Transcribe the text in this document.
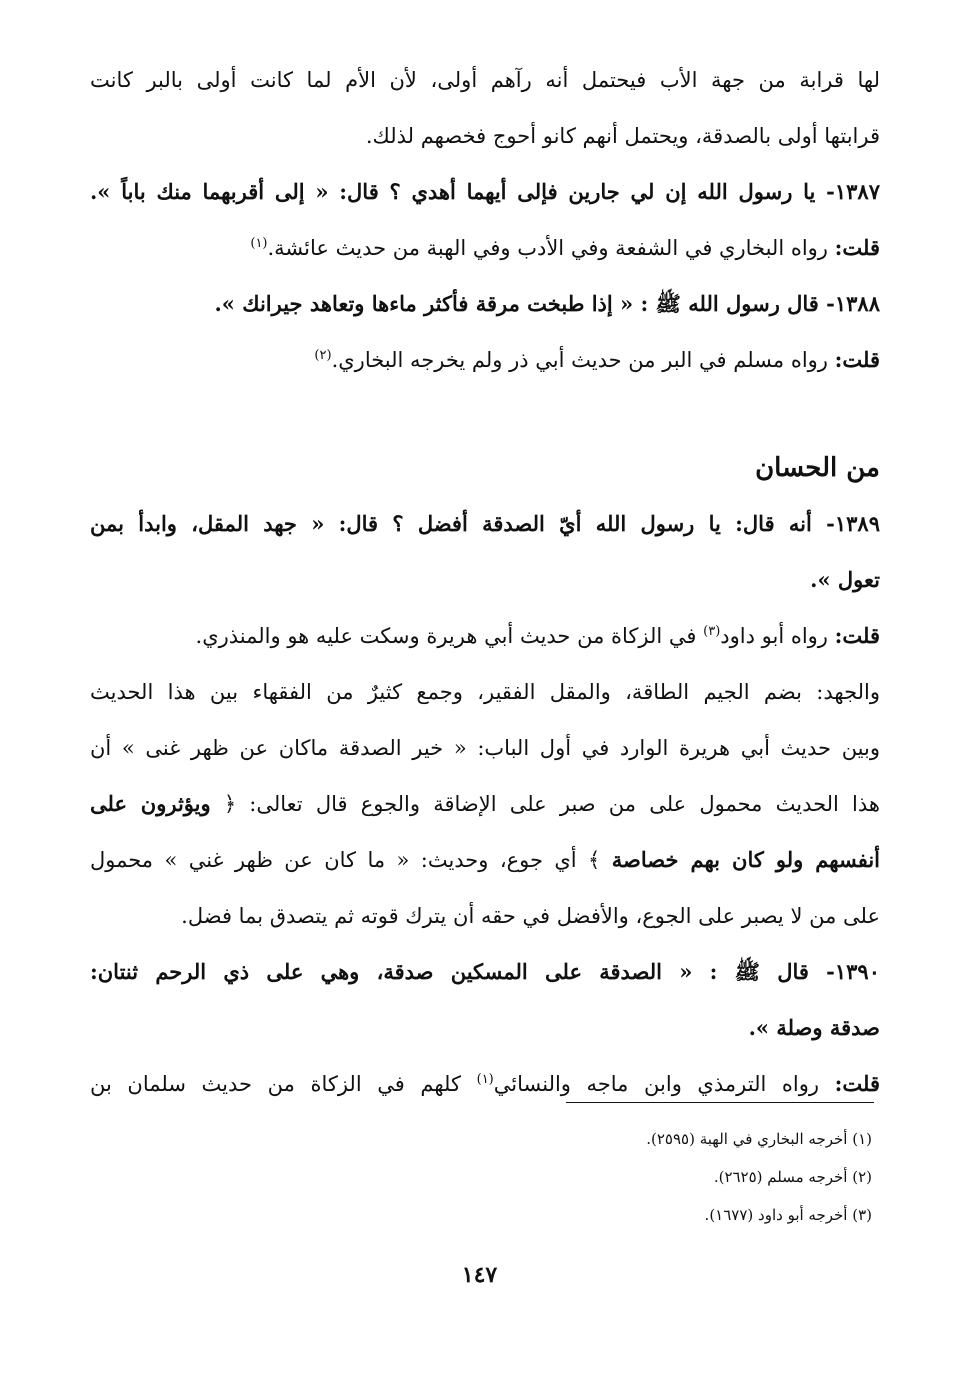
لها قرابة من جهة الأب فيحتمل أنه رآهم أولى، لأن الأم لما كانت أولى بالبر كانت
قرابتها أولى بالصدقة، ويحتمل أنهم كانو أحوج فخصهم لذلك.
١٣٨٧- يا رسول الله إن لي جارين فإلى أيهما أهدي ؟ قال: « إلى أقربهما منك باباً ».
قلت: رواه البخاري في الشفعة وفي الأدب وفي الهبة من حديث عائشة.$^{(١)}$
١٣٨٨- قال رسول الله ﷺ : « إذا طبخت مرقة فأكثر ماءها وتعاهد جيرانك ».
قلت: رواه مسلم في البر من حديث أبي ذر ولم يخرجه البخاري.$^{(٢)}$
من الحسان
١٣٨٩- أنه قال: يا رسول الله أيّ الصدقة أفضل ؟ قال: « جهد المقل، وابدأ بمن
تعول ».
قلت: رواه أبو داود$^{(٣)}$ في الزكاة من حديث أبي هريرة وسكت عليه هو والمنذري.
والجهد: بضم الجيم الطاقة، والمقل الفقير، وجمع كثيرٌ من الفقهاء بين هذا الحديث
وبين حديث أبي هريرة الوارد في أول الباب: « خير الصدقة ماكان عن ظهر غنى » أن
هذا الحديث محمول على من صبر على الإضاقة والجوع قال تعالى: ﴿ ويؤثرون على
أنفسهم ولو كان بهم خصاصة ﴾ أي جوع، وحديث: « ما كان عن ظهر غني » محمول
على من لا يصبر على الجوع، والأفضل في حقه أن يترك قوته ثم يتصدق بما فضل.
١٣٩٠- قال ﷺ : « الصدقة على المسكين صدقة، وهي على ذي الرحم ثنتان:
صدقة وصلة ».
قلت: رواه الترمذي وابن ماجه والنسائي$^{(١)}$ كلهم في الزكاة من حديث سلمان بن
(١) أخرجه البخاري في الهبة (٢٥٩٥).
(٢) أخرجه مسلم (٢٦٢٥).
(٣) أخرجه أبو داود (١٦٧٧).
١٤٧
